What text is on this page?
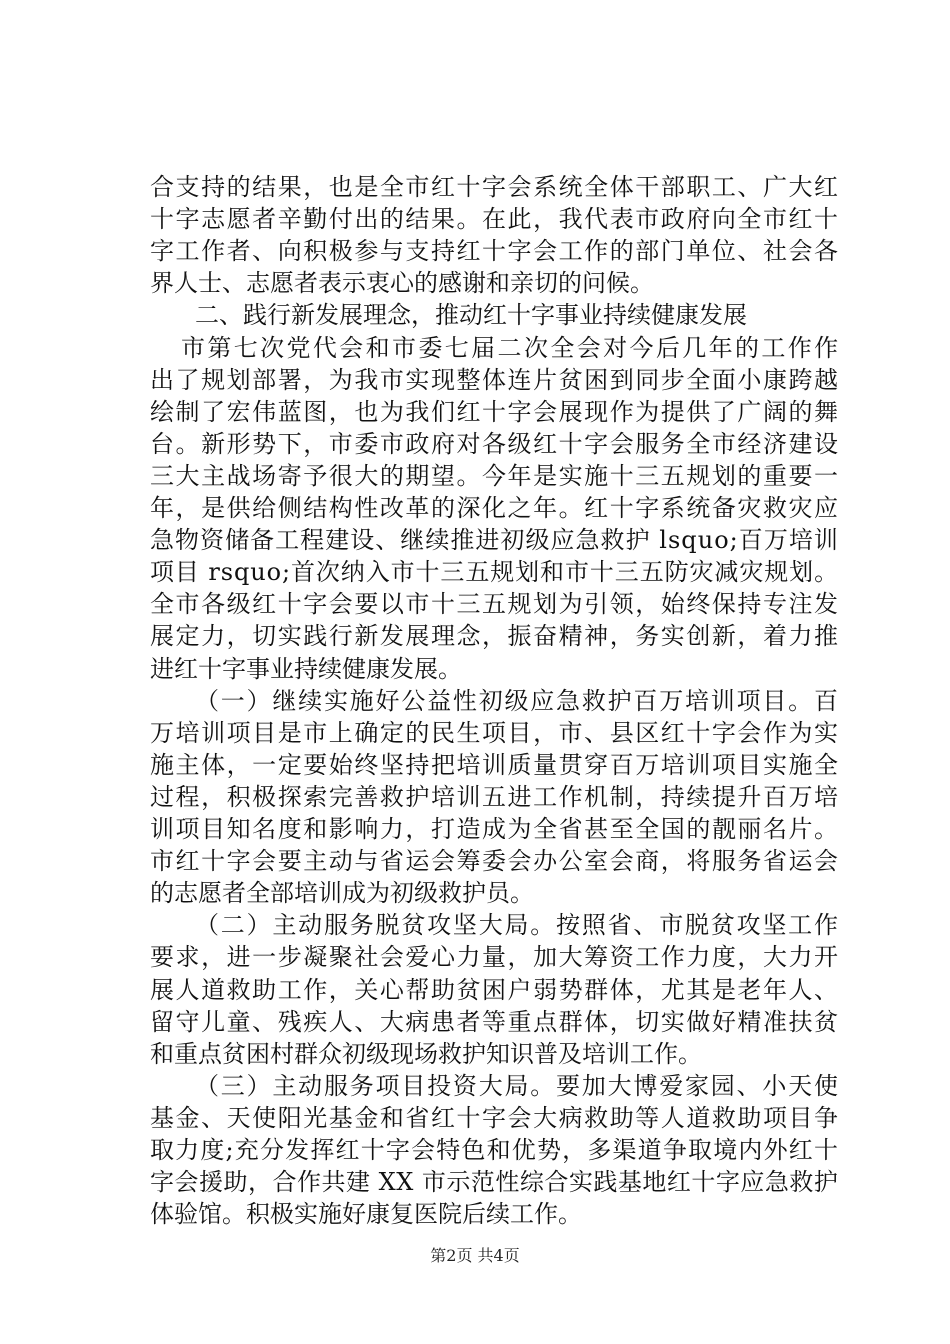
合支持的结果，也是全市红十字会系统全体干部职工、广大红
十字志愿者辛勤付出的结果。在此，我代表市政府向全市红十
字工作者、向积极参与支持红十字会工作的部门单位、社会各
界人士、志愿者表示衷心的感谢和亲切的问候。
二、践行新发展理念，推动红十字事业持续健康发展
市第七次党代会和市委七届二次全会对今后几年的工作作
出了规划部署，为我市实现整体连片贫困到同步全面小康跨越
绘制了宏伟蓝图，也为我们红十字会展现作为提供了广阔的舞
台。新形势下，市委市政府对各级红十字会服务全市经济建设
三大主战场寄予很大的期望。今年是实施十三五规划的重要一
年，是供给侧结构性改革的深化之年。红十字系统备灾救灾应
急物资储备工程建设、继续推进初级应急救护 lsquo;百万培训
项目 rsquo;首次纳入市十三五规划和市十三五防灾减灾规划。
全市各级红十字会要以市十三五规划为引领，始终保持专注发
展定力，切实践行新发展理念，振奋精神，务实创新，着力推
进红十字事业持续健康发展。
（一）继续实施好公益性初级应急救护百万培训项目。百
万培训项目是市上确定的民生项目，市、县区红十字会作为实
施主体，一定要始终坚持把培训质量贯穿百万培训项目实施全
过程，积极探索完善救护培训五进工作机制，持续提升百万培
训项目知名度和影响力，打造成为全省甚至全国的靓丽名片。
市红十字会要主动与省运会筹委会办公室会商，将服务省运会
的志愿者全部培训成为初级救护员。
（二）主动服务脱贫攻坚大局。按照省、市脱贫攻坚工作
要求，进一步凝聚社会爱心力量，加大筹资工作力度，大力开
展人道救助工作，关心帮助贫困户弱势群体，尤其是老年人、
留守儿童、残疾人、大病患者等重点群体，切实做好精准扶贫
和重点贫困村群众初级现场救护知识普及培训工作。
（三）主动服务项目投资大局。要加大博爱家园、小天使
基金、天使阳光基金和省红十字会大病救助等人道救助项目争
取力度;充分发挥红十字会特色和优势，多渠道争取境内外红十
字会援助，合作共建 XX 市示范性综合实践基地红十字应急救护
体验馆。积极实施好康复医院后续工作。
第2页 共4页
